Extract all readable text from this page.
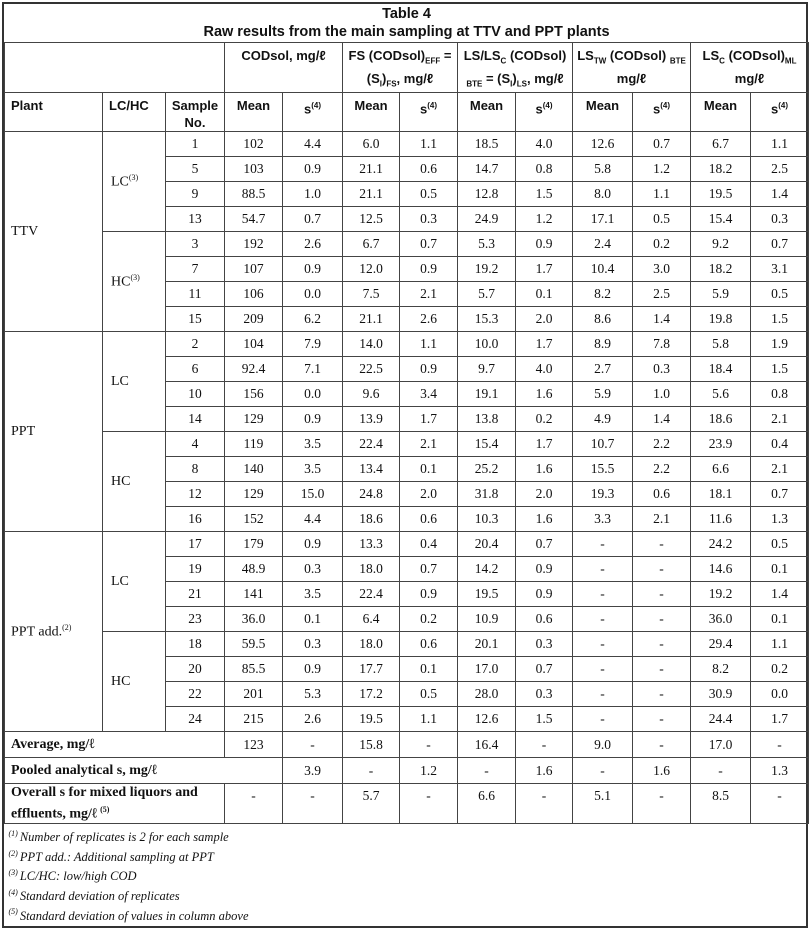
Table 4
Raw results from the main sampling at TTV and PPT plants												

			CODsol, mg/ℓ		FS $(CODsol)_{EFF} = (S_I)_{FS}$, mg/ℓ		$LS/LS_C$ (CODsol) $_{BTE} = (S_I)_{LS}$, mg/ℓ		$LS_{TW}$ (CODsol) $_{BTE}$ mg/ℓ		$LS_C$ $(CODsol)_{ML}$ mg/ℓ	
Plant	LC/HC	Sample No.	Mean	$s^{(4)}$	Mean	$s^{(4)}$	Mean	$s^{(4)}$	Mean	$s^{(4)}$	Mean	$s^{(4)}$
TTV	LC$^{(3)}$	1	102	4.4	6.0	1.1	18.5	4.0	12.6	0.7	6.7	1.1
		5	103	0.9	21.1	0.6	14.7	0.8	5.8	1.2	18.2	2.5
		9	88.5	1.0	21.1	0.5	12.8	1.5	8.0	1.1	19.5	1.4
		13	54.7	0.7	12.5	0.3	24.9	1.2	17.1	0.5	15.4	0.3
	HC$^{(3)}$	3	192	2.6	6.7	0.7	5.3	0.9	2.4	0.2	9.2	0.7
		7	107	0.9	12.0	0.9	19.2	1.7	10.4	3.0	18.2	3.1
		11	106	0.0	7.5	2.1	5.7	0.1	8.2	2.5	5.9	0.5
		15	209	6.2	21.1	2.6	15.3	2.0	8.6	1.4	19.8	1.5
PPT	LC	2	104	7.9	14.0	1.1	10.0	1.7	8.9	7.8	5.8	1.9
		6	92.4	7.1	22.5	0.9	9.7	4.0	2.7	0.3	18.4	1.5
		10	156	0.0	9.6	3.4	19.1	1.6	5.9	1.0	5.6	0.8
		14	129	0.9	13.9	1.7	13.8	0.2	4.9	1.4	18.6	2.1
	HC	4	119	3.5	22.4	2.1	15.4	1.7	10.7	2.2	23.9	0.4
		8	140	3.5	13.4	0.1	25.2	1.6	15.5	2.2	6.6	2.1
		12	129	15.0	24.8	2.0	31.8	2.0	19.3	0.6	18.1	0.7
		16	152	4.4	18.6	0.6	10.3	1.6	3.3	2.1	11.6	1.3
PPT add.$^{(2)}$	LC	17	179	0.9	13.3	0.4	20.4	0.7	-	-	24.2	0.5
		19	48.9	0.3	18.0	0.7	14.2	0.9	-	-	14.6	0.1
		21	141	3.5	22.4	0.9	19.5	0.9	-	-	19.2	1.4
		23	36.0	0.1	6.4	0.2	10.9	0.6	-	-	36.0	0.1
	HC	18	59.5	0.3	18.0	0.6	20.1	0.3	-	-	29.4	1.1
		20	85.5	0.9	17.7	0.1	17.0	0.7	-	-	8.2	0.2
		22	201	5.3	17.2	0.5	28.0	0.3	-	-	30.9	0.0
		24	215	2.6	19.5	1.1	12.6	1.5	-	-	24.4	1.7
Average, mg/ℓ			123	-	15.8	-	16.4	-	9.0	-	17.0	-
Pooled analytical s, mg/ℓ				3.9	-	1.2	-	1.6	-	1.6	-	1.3
Overall s for mixed liquors and effluents, mg/ℓ $^{(5)}$			-	-	5.7	-	6.6	-	5.1	-	8.5	-

$^{(1)}$ Number of replicates is 2 for each sample
$^{(2)}$ PPT add.: Additional sampling at PPT
$^{(3)}$ LC/HC: low/high COD
$^{(4)}$ Standard deviation of replicates
$^{(5)}$ Standard deviation of values in column above												
